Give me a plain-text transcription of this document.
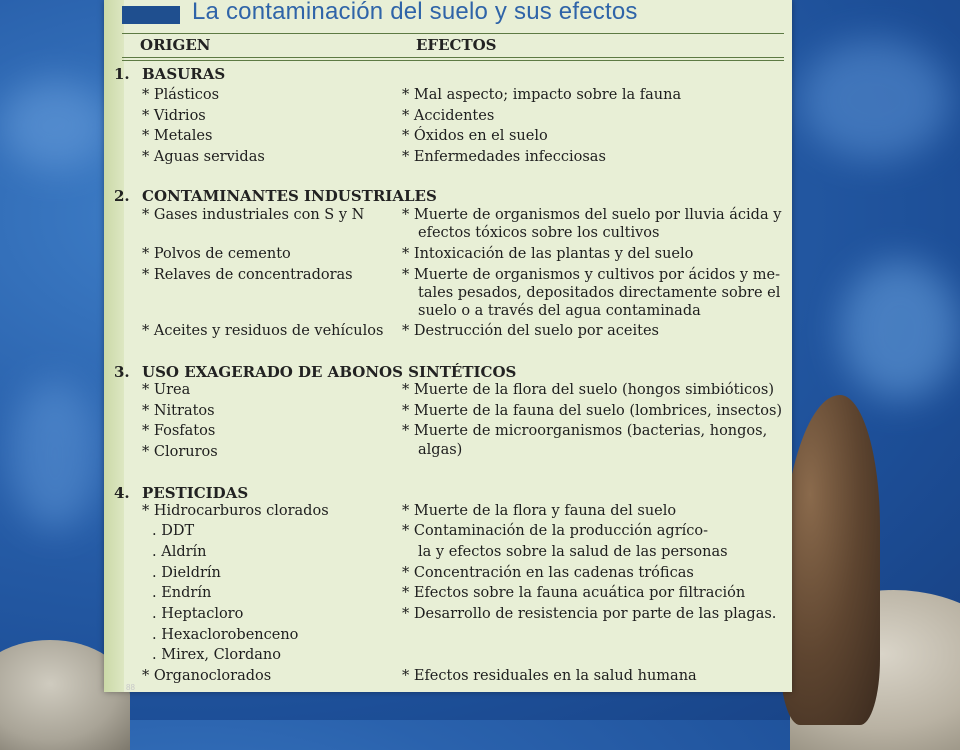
La contaminación del suelo y sus efectos
ORIGEN	EFECTOS
1. BASURAS
* Plásticos
* Vidrios
* Metales
* Aguas servidas
* Mal aspecto; impacto sobre la fauna
* Accidentes
* Óxidos en el suelo
* Enfermedades infecciosas
2. CONTAMINANTES INDUSTRIALES
* Gases industriales con S y N
* Polvos de cemento
* Relaves de concentradoras
* Aceites y residuos de vehículos
* Muerte de organismos del suelo por lluvia ácida y
efectos tóxicos sobre los cultivos
* Intoxicación de las plantas y del suelo
* Muerte de organismos y cultivos por ácidos y me-
tales pesados, depositados directamente sobre el
suelo o a través del agua contaminada
* Destrucción del suelo por aceites
3. USO EXAGERADO DE ABONOS SINTÉTICOS
* Urea
* Nitratos
* Fosfatos
* Cloruros
* Muerte de la flora del suelo (hongos simbióticos)
* Muerte de la fauna del suelo (lombrices, insectos)
* Muerte de microorganismos (bacterias, hongos,
algas)
4. PESTICIDAS
* Hidrocarburos clorados
. DDT
. Aldrín
. Dieldrín
. Endrín
. Heptacloro
. Hexaclorobenceno
. Mirex, Clordano
* Organoclorados
* Muerte de la flora y fauna del suelo
* Contaminación de la producción agríco-
la y efectos sobre la salud de las personas
* Concentración en las cadenas tróficas
* Efectos sobre la fauna acuática por filtración
* Desarrollo de resistencia por parte de las plagas.
* Efectos residuales en la salud humana
88
